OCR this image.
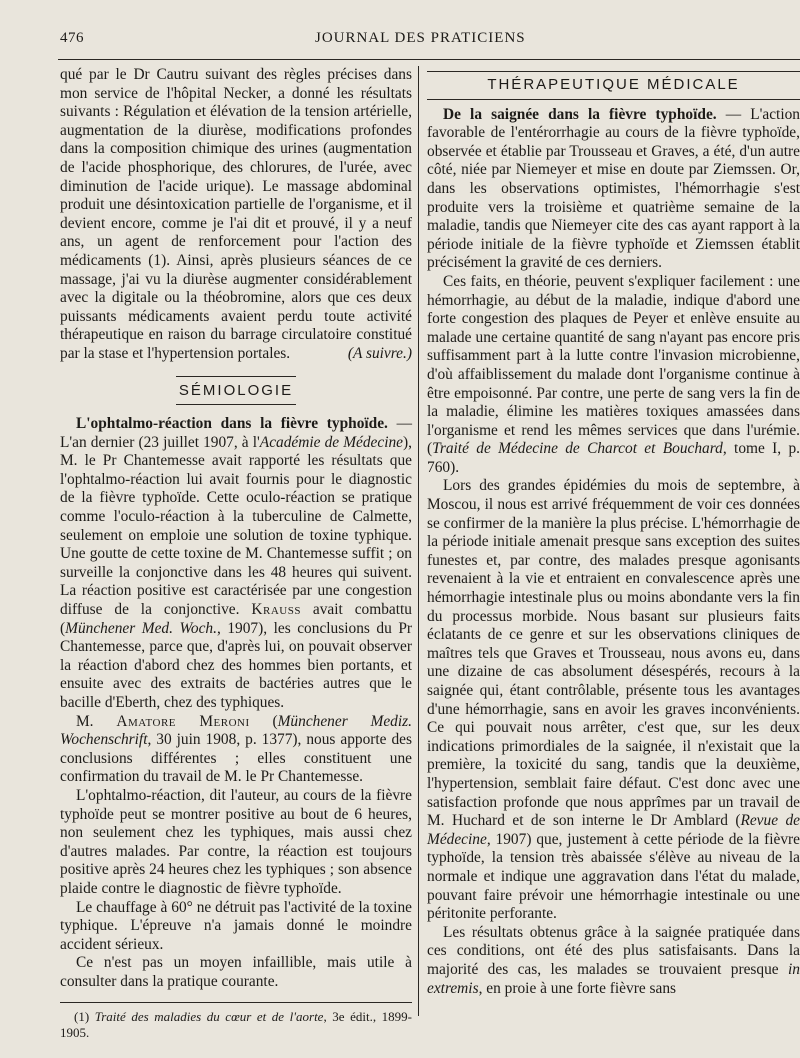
476	JOURNAL DES PRATICIENS

qué par le Dr Cautru suivant des règles précises dans mon service de l'hôpital Necker, a donné les résultats suivants : Régulation et élévation de la tension artérielle, augmentation de la diurèse, modifications profondes dans la composition chimique des urines (augmentation de l'acide phosphorique, des chlorures, de l'urée, avec diminution de l'acide urique). Le massage abdominal produit une désintoxication partielle de l'organisme, et il devient encore, comme je l'ai dit et prouvé, il y a neuf ans, un agent de renforcement pour l'action des médicaments (1). Ainsi, après plusieurs séances de ce massage, j'ai vu la diurèse augmenter considérablement avec la digitale ou la théobromine, alors que ces deux puissants médicaments avaient perdu toute activité thérapeutique en raison du barrage circulatoire constitué par la stase et l'hypertension portales.	(A suivre.)

SÉMIOLOGIE

L'ophtalmo-réaction dans la fièvre typhoïde. — L'an dernier (23 juillet 1907, à l'Académie de Médecine), M. le Pr Chantemesse avait rapporté les résultats que l'ophtalmo-réaction lui avait fournis pour le diagnostic de la fièvre typhoïde. Cette oculo-réaction se pratique comme l'oculo-réaction à la tuberculine de Calmette, seulement on emploie une solution de toxine typhique. Une goutte de cette toxine de M. Chantemesse suffit ; on surveille la conjonctive dans les 48 heures qui suivent. La réaction positive est caractérisée par une congestion diffuse de la conjonctive. Krauss avait combattu (Münchener Med. Woch., 1907), les conclusions du Pr Chantemesse, parce que, d'après lui, on pouvait observer la réaction d'abord chez des hommes bien portants, et ensuite avec des extraits de bactéries autres que le bacille d'Eberth, chez des typhiques.

M. Amatore Meroni (Münchener Mediz. Wochenschrift, 30 juin 1908, p. 1377), nous apporte des conclusions différentes ; elles constituent une confirmation du travail de M. le Pr Chantemesse.

L'ophtalmo-réaction, dit l'auteur, au cours de la fièvre typhoïde peut se montrer positive au bout de 6 heures, non seulement chez les typhiques, mais aussi chez d'autres malades. Par contre, la réaction est toujours positive après 24 heures chez les typhiques ; son absence plaide contre le diagnostic de fièvre typhoïde.

Le chauffage à 60° ne détruit pas l'activité de la toxine typhique. L'épreuve n'a jamais donné le moindre accident sérieux.

Ce n'est pas un moyen infaillible, mais utile à consulter dans la pratique courante.

(1) Traité des maladies du cœur et de l'aorte, 3e édit., 1899-1905.

THÉRAPEUTIQUE MÉDICALE

De la saignée dans la fièvre typhoïde. — L'action favorable de l'entérorrhagie au cours de la fièvre typhoïde, observée et établie par Trousseau et Graves, a été, d'un autre côté, niée par Niemeyer et mise en doute par Ziemssen. Or, dans les observations optimistes, l'hémorrhagie s'est produite vers la troisième et quatrième semaine de la maladie, tandis que Niemeyer cite des cas ayant rapport à la période initiale de la fièvre typhoïde et Ziemssen établit précisément la gravité de ces derniers.

Ces faits, en théorie, peuvent s'expliquer facilement : une hémorrhagie, au début de la maladie, indique d'abord une forte congestion des plaques de Peyer et enlève ensuite au malade une certaine quantité de sang n'ayant pas encore pris suffisamment part à la lutte contre l'invasion microbienne, d'où affaiblissement du malade dont l'organisme continue à être empoisonné. Par contre, une perte de sang vers la fin de la maladie, élimine les matières toxiques amassées dans l'organisme et rend les mêmes services que dans l'urémie. (Traité de Médecine de Charcot et Bouchard, tome I, p. 760).

Lors des grandes épidémies du mois de septembre, à Moscou, il nous est arrivé fréquemment de voir ces données se confirmer de la manière la plus précise. L'hémorrhagie de la période initiale amenait presque sans exception des suites funestes et, par contre, des malades presque agonisants revenaient à la vie et entraient en convalescence après une hémorrhagie intestinale plus ou moins abondante vers la fin du processus morbide. Nous basant sur plusieurs faits éclatants de ce genre et sur les observations cliniques de maîtres tels que Graves et Trousseau, nous avons eu, dans une dizaine de cas absolument désespérés, recours à la saignée qui, étant contrôlable, présente tous les avantages d'une hémorrhagie, sans en avoir les graves inconvénients. Ce qui pouvait nous arrêter, c'est que, sur les deux indications primordiales de la saignée, il n'existait que la première, la toxicité du sang, tandis que la deuxième, l'hypertension, semblait faire défaut. C'est donc avec une satisfaction profonde que nous apprîmes par un travail de M. Huchard et de son interne le Dr Amblard (Revue de Médecine, 1907) que, justement à cette période de la fièvre typhoïde, la tension très abaissée s'élève au niveau de la normale et indique une aggravation dans l'état du malade, pouvant faire prévoir une hémorrhagie intestinale ou une péritonite perforante.

Les résultats obtenus grâce à la saignée pratiquée dans ces conditions, ont été des plus satisfaisants. Dans la majorité des cas, les malades se trouvaient presque in extremis, en proie à une forte fièvre sans
